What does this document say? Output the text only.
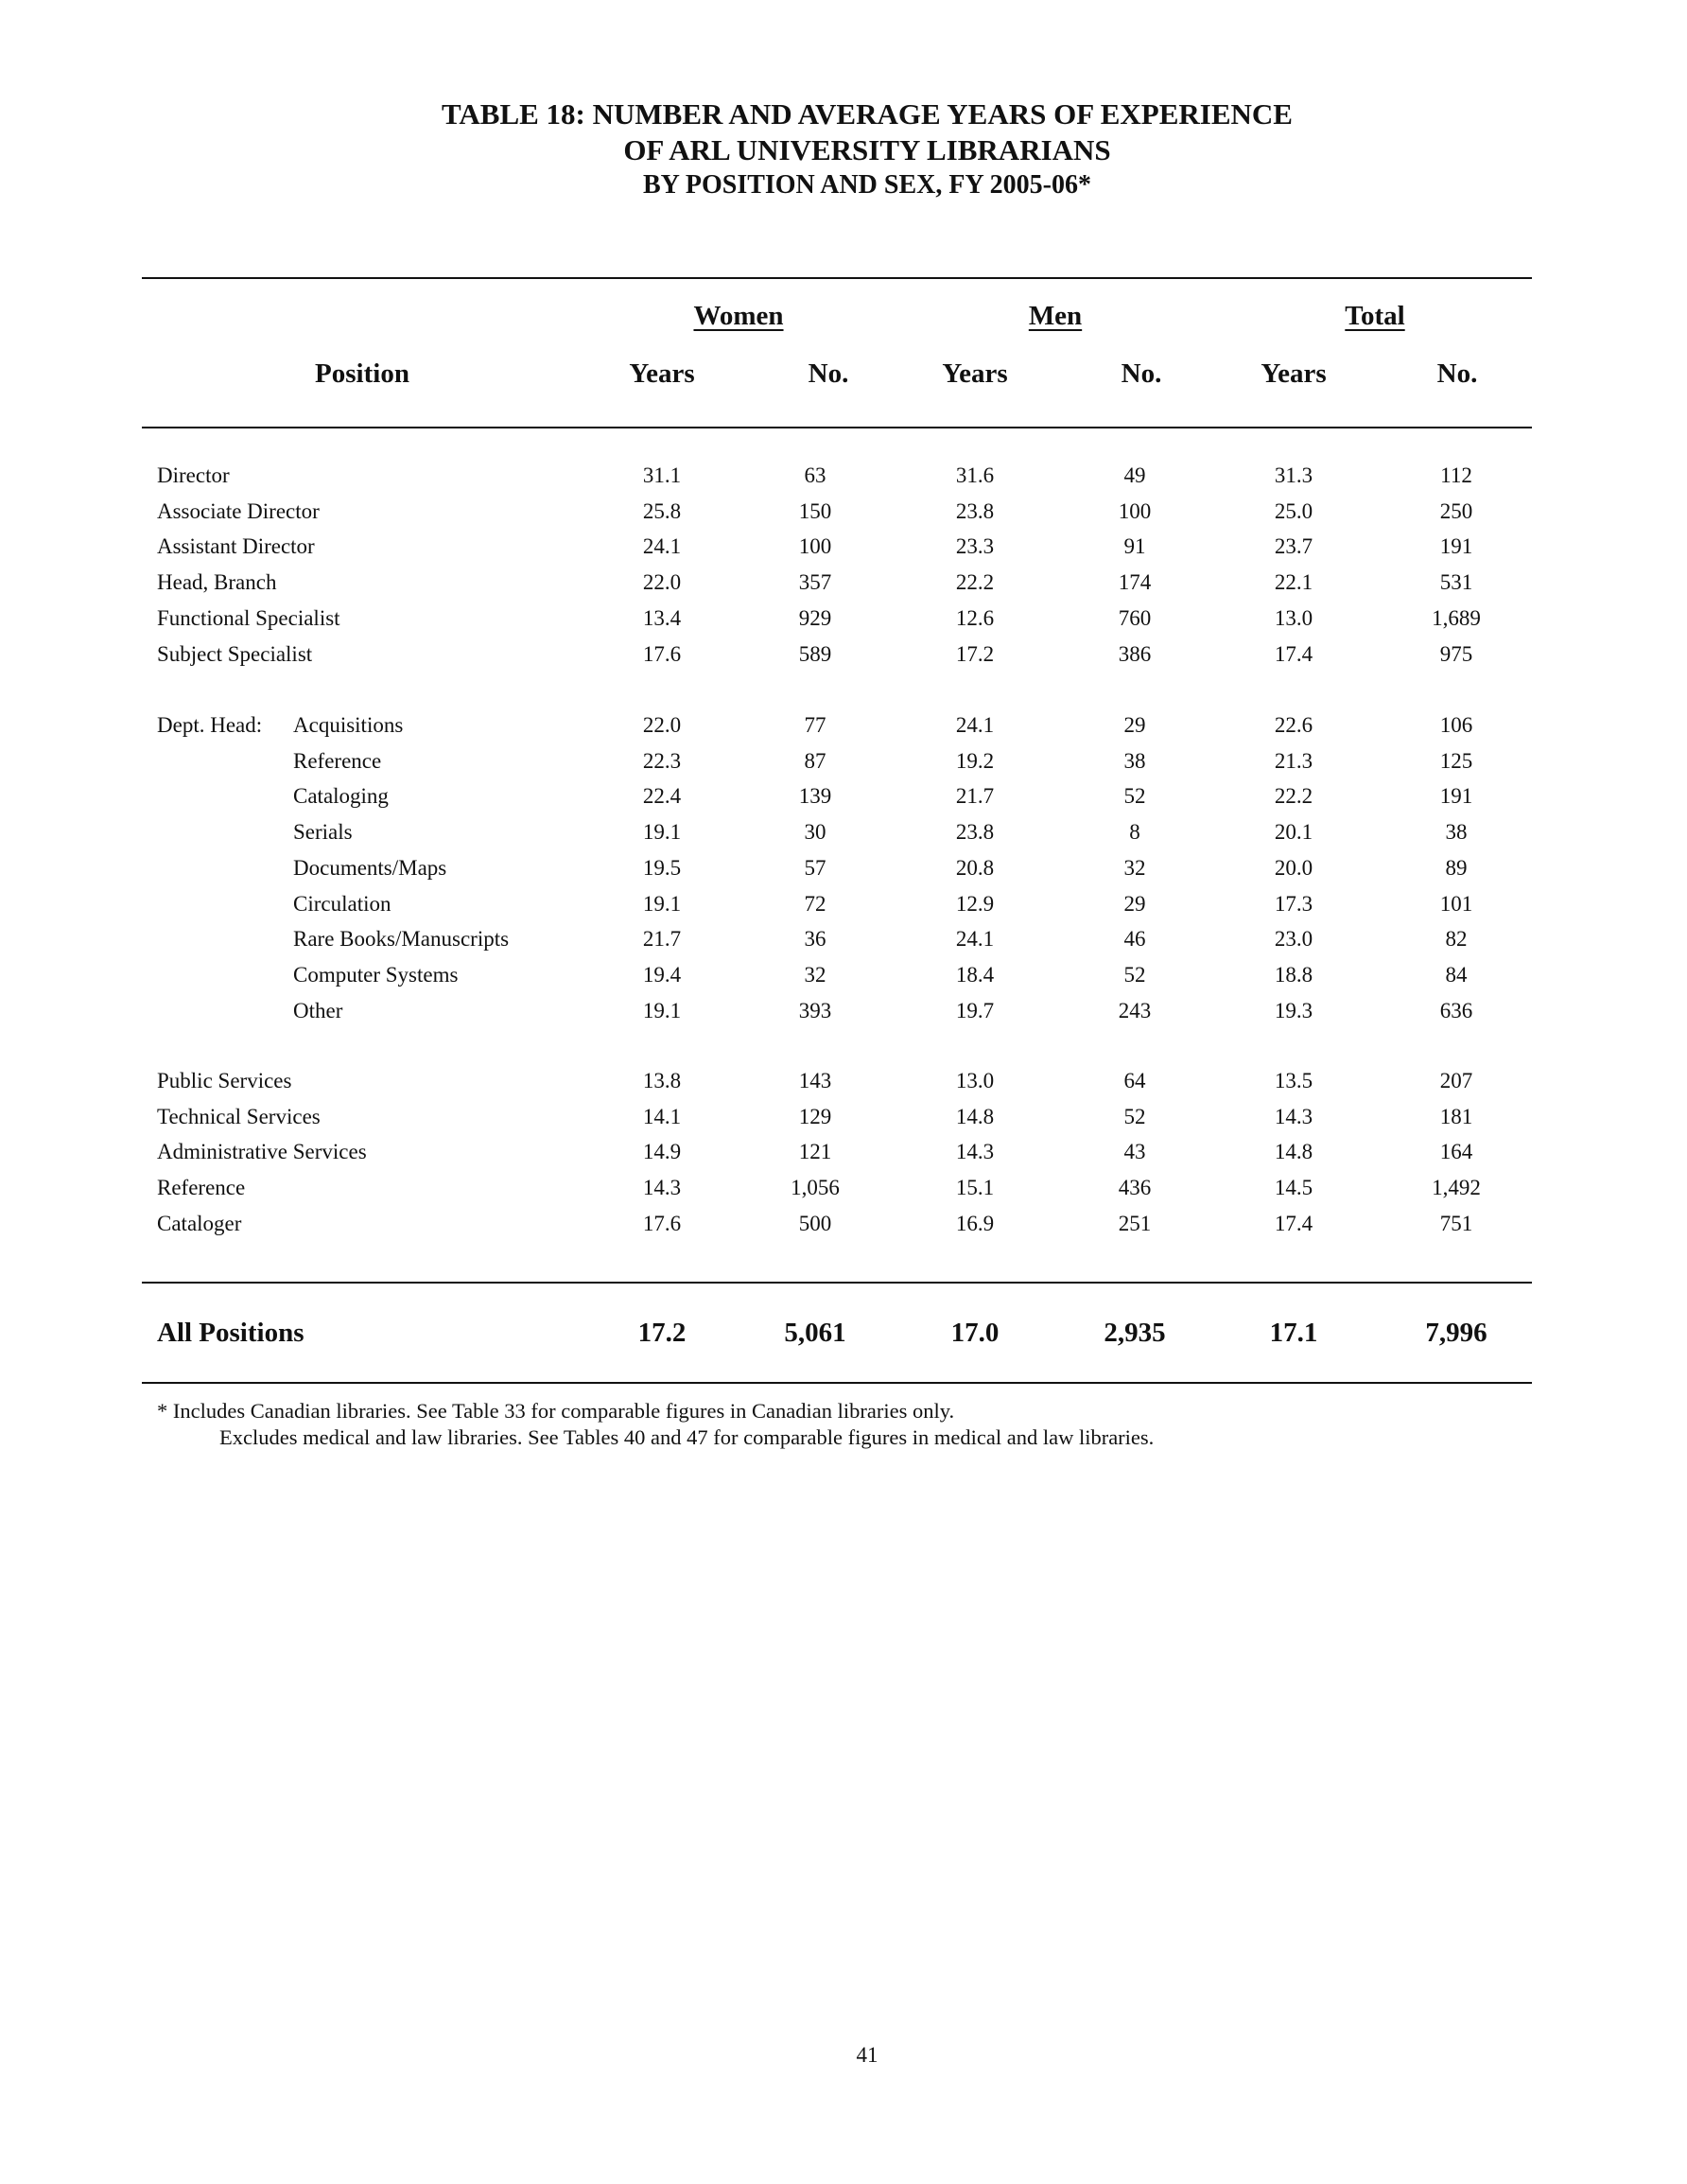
TABLE 18: NUMBER AND AVERAGE YEARS OF EXPERIENCE
OF ARL UNIVERSITY LIBRARIANS
BY POSITION AND SEX, FY 2005-06*
Women	Men	Total
Position	Years	No.	Years	No.	Years	No.
Director	31.1	63	31.6	49	31.3	112
Associate Director	25.8	150	23.8	100	25.0	250
Assistant Director	24.1	100	23.3	91	23.7	191
Head, Branch	22.0	357	22.2	174	22.1	531
Functional Specialist	13.4	929	12.6	760	13.0	1,689
Subject Specialist	17.6	589	17.2	386	17.4	975
Dept. Head: Acquisitions	22.0	77	24.1	29	22.6	106
Reference	22.3	87	19.2	38	21.3	125
Cataloging	22.4	139	21.7	52	22.2	191
Serials	19.1	30	23.8	8	20.1	38
Documents/Maps	19.5	57	20.8	32	20.0	89
Circulation	19.1	72	12.9	29	17.3	101
Rare Books/Manuscripts	21.7	36	24.1	46	23.0	82
Computer Systems	19.4	32	18.4	52	18.8	84
Other	19.1	393	19.7	243	19.3	636
Public Services	13.8	143	13.0	64	13.5	207
Technical Services	14.1	129	14.8	52	14.3	181
Administrative Services	14.9	121	14.3	43	14.8	164
Reference	14.3	1,056	15.1	436	14.5	1,492
Cataloger	17.6	500	16.9	251	17.4	751
All Positions	17.2	5,061	17.0	2,935	17.1	7,996
* Includes Canadian libraries. See Table 33 for comparable figures in Canadian libraries only.
Excludes medical and law libraries. See Tables 40 and 47 for comparable figures in medical and law libraries.
41
